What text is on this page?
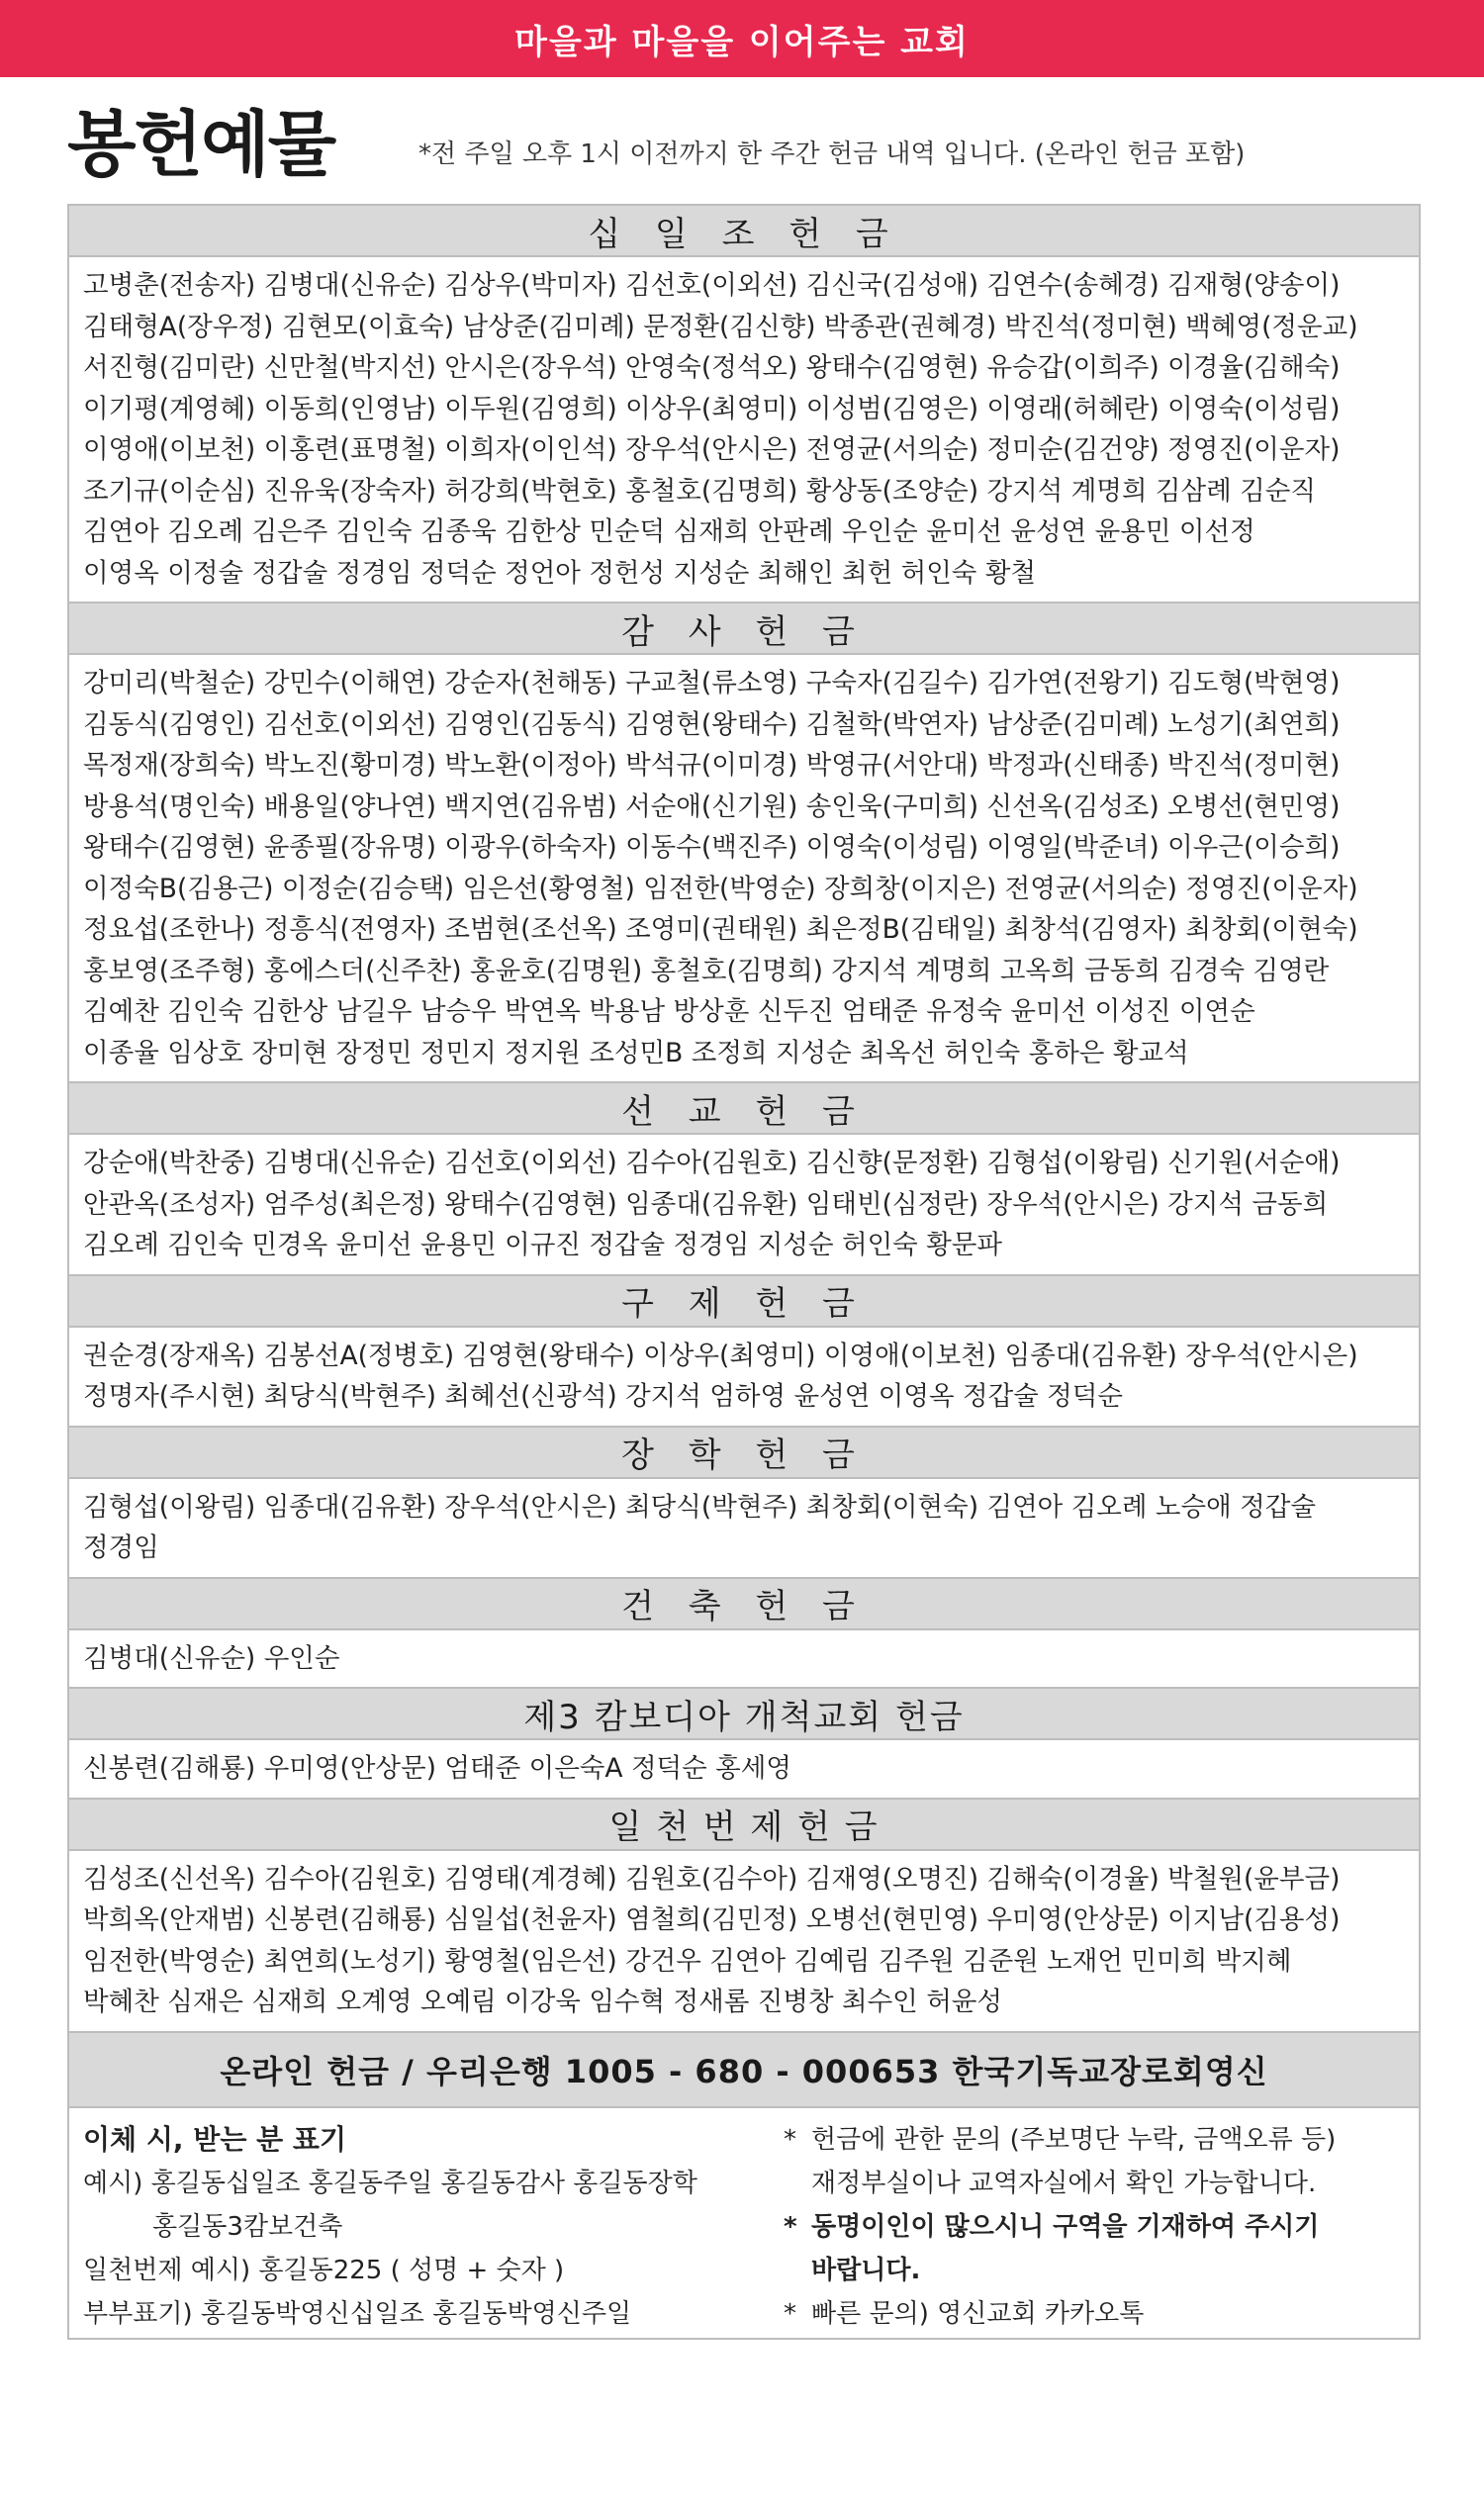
마을과 마을을 이어주는 교회
봉헌예물	*전 주일 오후 1시 이전까지 한 주간 헌금 내역 입니다. (온라인 헌금 포함)
십 일 조 헌 금
고병춘(전송자) 김병대(신유순) 김상우(박미자) 김선호(이외선) 김신국(김성애) 김연수(송혜경) 김재형(양송이)
김태형A(장우정) 김현모(이효숙) 남상준(김미례) 문정환(김신향) 박종관(권혜경) 박진석(정미현) 백혜영(정운교)
서진형(김미란) 신만철(박지선) 안시은(장우석) 안영숙(정석오) 왕태수(김영현) 유승갑(이희주) 이경율(김해숙)
이기평(계영혜) 이동희(인영남) 이두원(김영희) 이상우(최영미) 이성범(김영은) 이영래(허혜란) 이영숙(이성림)
이영애(이보천) 이홍련(표명철) 이희자(이인석) 장우석(안시은) 전영균(서의순) 정미순(김건양) 정영진(이운자)
조기규(이순심) 진유욱(장숙자) 허강희(박현호) 홍철호(김명희) 황상동(조양순) 강지석 계명희 김삼례 김순직
김연아 김오례 김은주 김인숙 김종욱 김한상 민순덕 심재희 안판례 우인순 윤미선 윤성연 윤용민 이선정
이영옥 이정술 정갑술 정경임 정덕순 정언아 정헌성 지성순 최해인 최헌 허인숙 황철
감 사 헌 금
강미리(박철순) 강민수(이해연) 강순자(천해동) 구교철(류소영) 구숙자(김길수) 김가연(전왕기) 김도형(박현영)
김동식(김영인) 김선호(이외선) 김영인(김동식) 김영현(왕태수) 김철학(박연자) 남상준(김미례) 노성기(최연희)
목정재(장희숙) 박노진(황미경) 박노환(이정아) 박석규(이미경) 박영규(서안대) 박정과(신태종) 박진석(정미현)
방용석(명인숙) 배용일(양나연) 백지연(김유범) 서순애(신기원) 송인욱(구미희) 신선옥(김성조) 오병선(현민영)
왕태수(김영현) 윤종필(장유명) 이광우(하숙자) 이동수(백진주) 이영숙(이성림) 이영일(박준녀) 이우근(이승희)
이정숙B(김용근) 이정순(김승택) 임은선(황영철) 임전한(박영순) 장희창(이지은) 전영균(서의순) 정영진(이운자)
정요섭(조한나) 정흥식(전영자) 조범현(조선옥) 조영미(권태원) 최은정B(김태일) 최창석(김영자) 최창회(이현숙)
홍보영(조주형) 홍에스더(신주찬) 홍윤호(김명원) 홍철호(김명희) 강지석 계명희 고옥희 금동희 김경숙 김영란
김예찬 김인숙 김한상 남길우 남승우 박연옥 박용남 방상훈 신두진 엄태준 유정숙 윤미선 이성진 이연순
이종율 임상호 장미현 장정민 정민지 정지원 조성민B 조정희 지성순 최옥선 허인숙 홍하은 황교석
선 교 헌 금
강순애(박찬중) 김병대(신유순) 김선호(이외선) 김수아(김원호) 김신향(문정환) 김형섭(이왕림) 신기원(서순애)
안관옥(조성자) 엄주성(최은정) 왕태수(김영현) 임종대(김유환) 임태빈(심정란) 장우석(안시은) 강지석 금동희
김오례 김인숙 민경옥 윤미선 윤용민 이규진 정갑술 정경임 지성순 허인숙 황문파
구 제 헌 금
권순경(장재옥) 김봉선A(정병호) 김영현(왕태수) 이상우(최영미) 이영애(이보천) 임종대(김유환) 장우석(안시은)
정명자(주시현) 최당식(박현주) 최혜선(신광석) 강지석 엄하영 윤성연 이영옥 정갑술 정덕순
장 학 헌 금
김형섭(이왕림) 임종대(김유환) 장우석(안시은) 최당식(박현주) 최창회(이현숙) 김연아 김오례 노승애 정갑술
정경임
건 축 헌 금
김병대(신유순) 우인순
제3 캄보디아 개척교회 헌금
신봉련(김해룡) 우미영(안상문) 엄태준 이은숙A 정덕순 홍세영
일 천 번 제 헌 금
김성조(신선옥) 김수아(김원호) 김영태(계경혜) 김원호(김수아) 김재영(오명진) 김해숙(이경율) 박철원(윤부금)
박희옥(안재범) 신봉련(김해룡) 심일섭(천윤자) 염철희(김민정) 오병선(현민영) 우미영(안상문) 이지남(김용성)
임전한(박영순) 최연희(노성기) 황영철(임은선) 강건우 김연아 김예림 김주원 김준원 노재언 민미희 박지혜
박혜찬 심재은 심재희 오계영 오예림 이강욱 임수혁 정새롬 진병창 최수인 허윤성
온라인 헌금 / 우리은행 1005 - 680 - 000653 한국기독교장로회영신
이체 시, 받는 분 표기
예시) 홍길동십일조 홍길동주일 홍길동감사 홍길동장학
홍길동3캄보건축
일천번제 예시) 홍길동225 ( 성명 + 숫자 )
부부표기) 홍길동박영신십일조 홍길동박영신주일
* 헌금에 관한 문의 (주보명단 누락, 금액오류 등)
재정부실이나 교역자실에서 확인 가능합니다.
* 동명이인이 많으시니 구역을 기재하여 주시기
바랍니다.
* 빠른 문의) 영신교회 카카오톡
